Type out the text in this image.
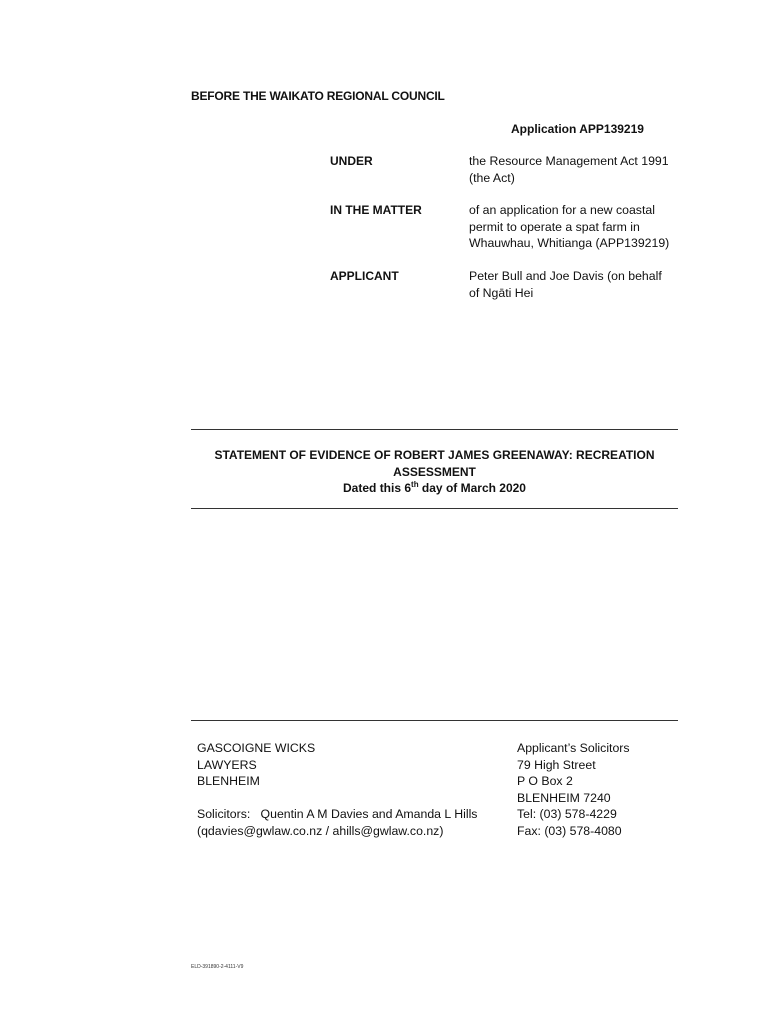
BEFORE THE WAIKATO REGIONAL COUNCIL
Application APP139219
UNDER	the Resource Management Act 1991
(the Act)
IN THE MATTER	of an application for a new coastal
permit to operate a spat farm in
Whauwhau, Whitianga (APP139219)
APPLICANT	Peter Bull and Joe Davis (on behalf
of Ngāti Hei
STATEMENT OF EVIDENCE OF ROBERT JAMES GREENAWAY: RECREATION
ASSESSMENT
Dated this 6th day of March 2020
GASCOIGNE WICKS
LAWYERS
BLENHEIM
Solicitors:   Quentin A M Davies and Amanda L Hills
(qdavies@gwlaw.co.nz / ahills@gwlaw.co.nz)
Applicant’s Solicitors
79 High Street
P O Box 2
BLENHEIM 7240
Tel: (03) 578-4229
Fax: (03) 578-4080
ELD-391890-2-4111-V9
